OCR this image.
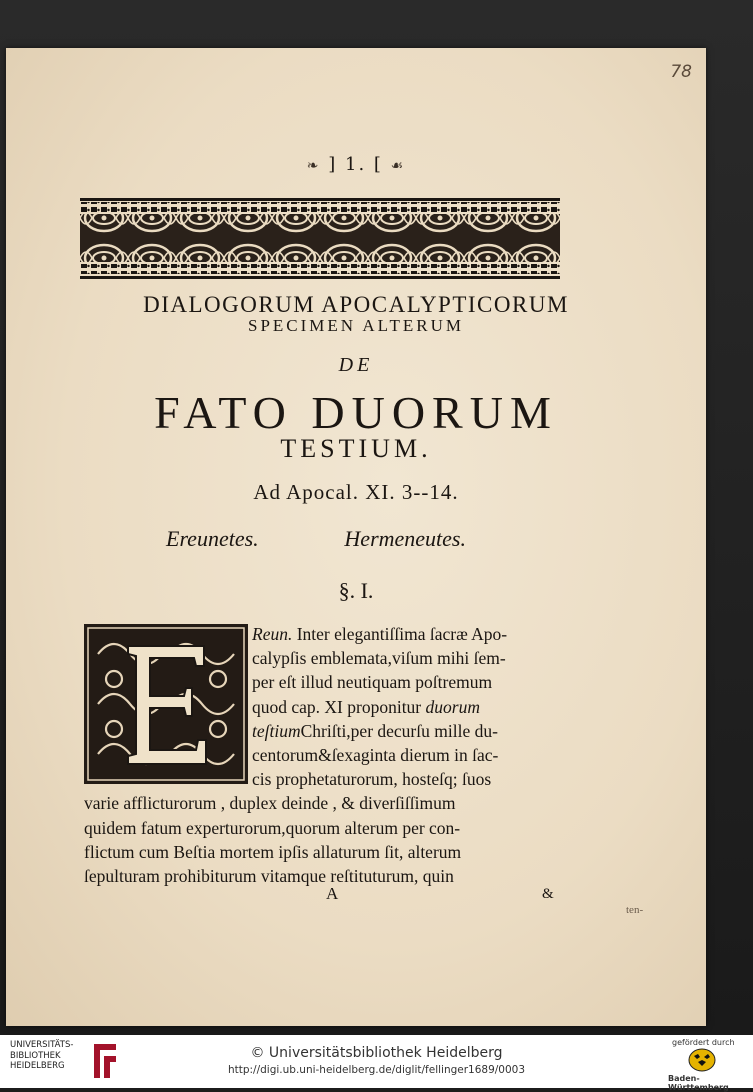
78
❧ ] 1. [ ☙
DIALOGORUM APOCALYPTICORUM
SPECIMEN ALTERUM
DE
FATO DUORUM
TESTIUM.
Ad Apocal. XI. 3--14.
Ereunetes.	Hermeneutes.
§. I.
Reun. Inter elegantiſſima ſacræ Apo-
calypſis emblemata,viſum mihi ſem-
per eſt illud neutiquam poſtremum
quod cap. XI proponitur duorum
teſtiumChriſti,per decurſu mille du-
centorum&ſexaginta dierum in ſac-
cis prophetaturorum, hosteſq; ſuos
varie afflicturorum , duplex deinde , & diverſiſſimum
quidem fatum experturorum,quorum alterum per con-
flictum cum Beſtia mortem ipſis allaturum ſit, alterum
ſepulturam prohibiturum vitamque reſtituturum, quin
A	&
ten-
UNIVERSITÄTS-
BIBLIOTHEK
HEIDELBERG
© Universitätsbibliothek Heidelberg
http://digi.ub.uni-heidelberg.de/diglit/fellinger1689/0003
gefördert durch
Baden-Württemberg
